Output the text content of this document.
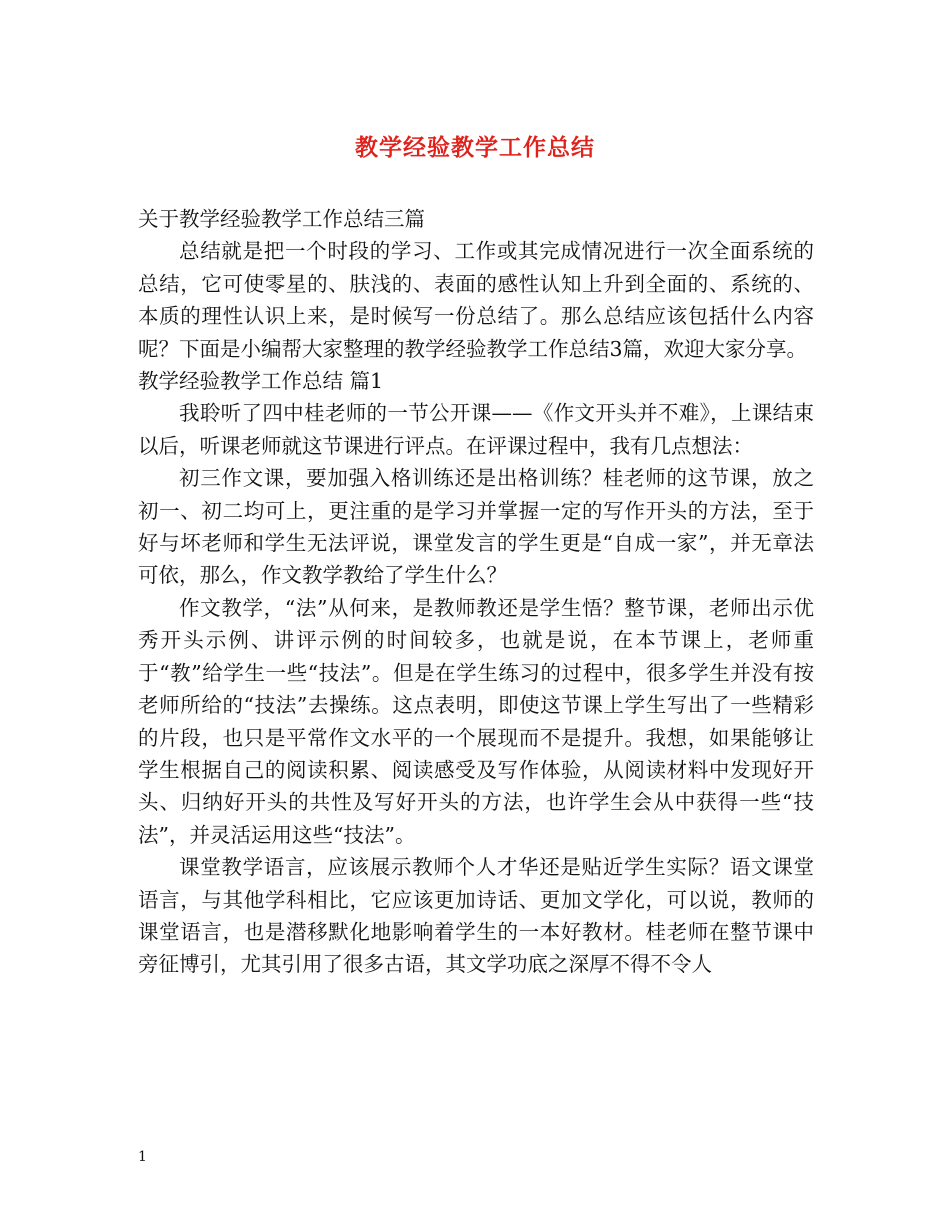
教学经验教学工作总结

关于教学经验教学工作总结三篇

总结就是把一个时段的学习、工作或其完成情况进行一次全面系统的总结，它可使零星的、肤浅的、表面的感性认知上升到全面的、系统的、本质的理性认识上来，是时候写一份总结了。那么总结应该包括什么内容呢？下面是小编帮大家整理的教学经验教学工作总结3篇，欢迎大家分享。

教学经验教学工作总结 篇1

我聆听了四中桂老师的一节公开课——《作文开头并不难》，上课结束以后，听课老师就这节课进行评点。在评课过程中，我有几点想法：

初三作文课，要加强入格训练还是出格训练？桂老师的这节课，放之初一、初二均可上，更注重的是学习并掌握一定的写作开头的方法，至于好与坏老师和学生无法评说，课堂发言的学生更是“自成一家”，并无章法可依，那么，作文教学教给了学生什么？

作文教学，“法”从何来，是教师教还是学生悟？整节课，老师出示优秀开头示例、讲评示例的时间较多，也就是说，在本节课上，老师重于“教”给学生一些“技法”。但是在学生练习的过程中，很多学生并没有按老师所给的“技法”去操练。这点表明，即使这节课上学生写出了一些精彩的片段，也只是平常作文水平的一个展现而不是提升。我想，如果能够让学生根据自己的阅读积累、阅读感受及写作体验，从阅读材料中发现好开头、归纳好开头的共性及写好开头的方法，也许学生会从中获得一些“技法”，并灵活运用这些“技法”。

课堂教学语言，应该展示教师个人才华还是贴近学生实际？语文课堂语言，与其他学科相比，它应该更加诗话、更加文学化，可以说，教师的课堂语言，也是潜移默化地影响着学生的一本好教材。桂老师在整节课中旁征博引，尤其引用了很多古语，其文学功底之深厚不得不令人

1
